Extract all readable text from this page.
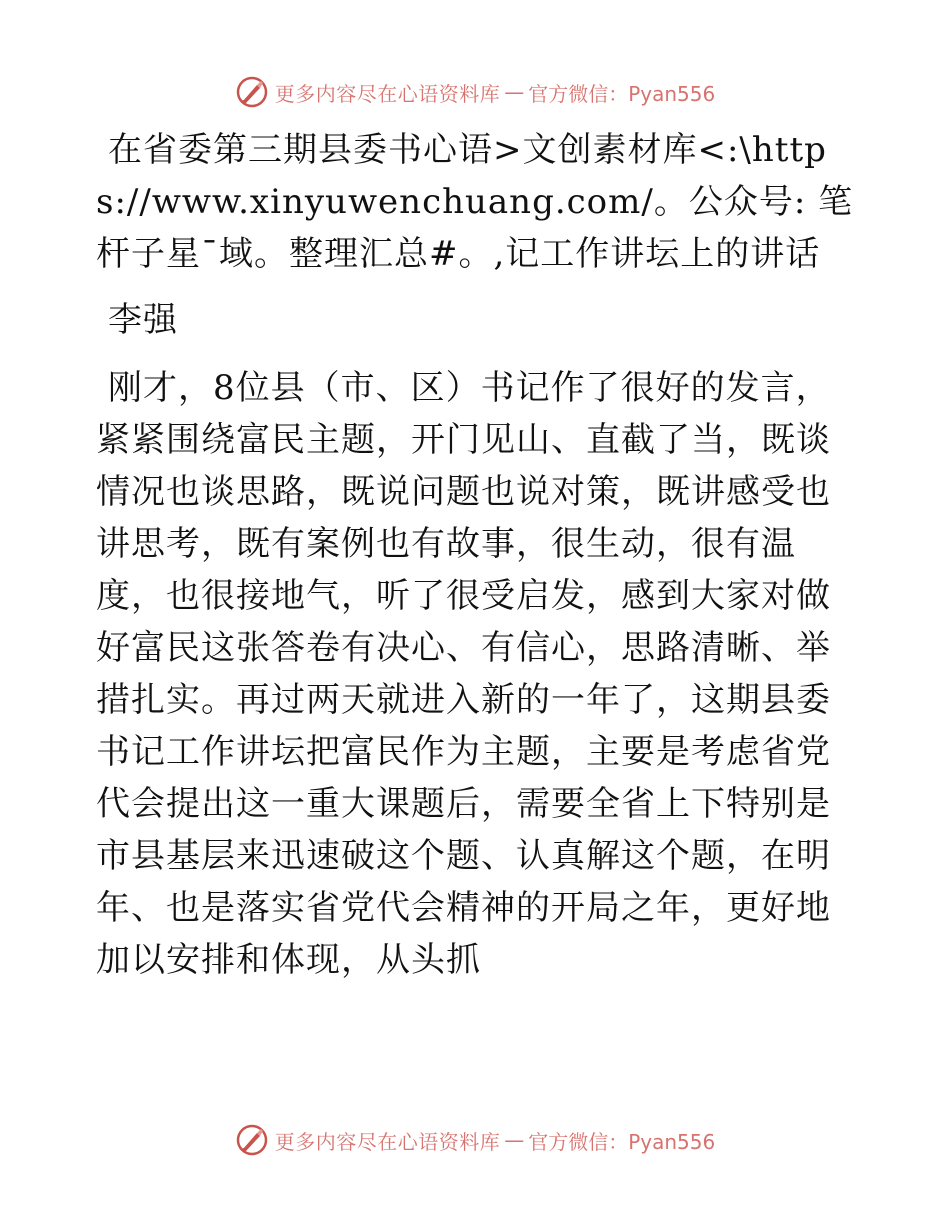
更多内容尽在心语资料库 — 官方微信：Pyan556

在省委第三期县委书心语>文创素材库<:\https://www.xinyuwenchuang.com/。公众号: 笔杆子星¯域。整理汇总#。,记工作讲坛上的讲话

李强

刚才，8位县（市、区）书记作了很好的发言，紧紧围绕富民主题，开门见山、直截了当，既谈情况也谈思路，既说问题也说对策，既讲感受也讲思考，既有案例也有故事，很生动，很有温度，也很接地气，听了很受启发，感到大家对做好富民这张答卷有决心、有信心，思路清晰、举措扎实。再过两天就进入新的一年了，这期县委书记工作讲坛把富民作为主题，主要是考虑省党代会提出这一重大课题后，需要全省上下特别是市县基层来迅速破这个题、认真解这个题，在明年、也是落实省党代会精神的开局之年，更好地加以安排和体现，从头抓

更多内容尽在心语资料库 — 官方微信：Pyan556
